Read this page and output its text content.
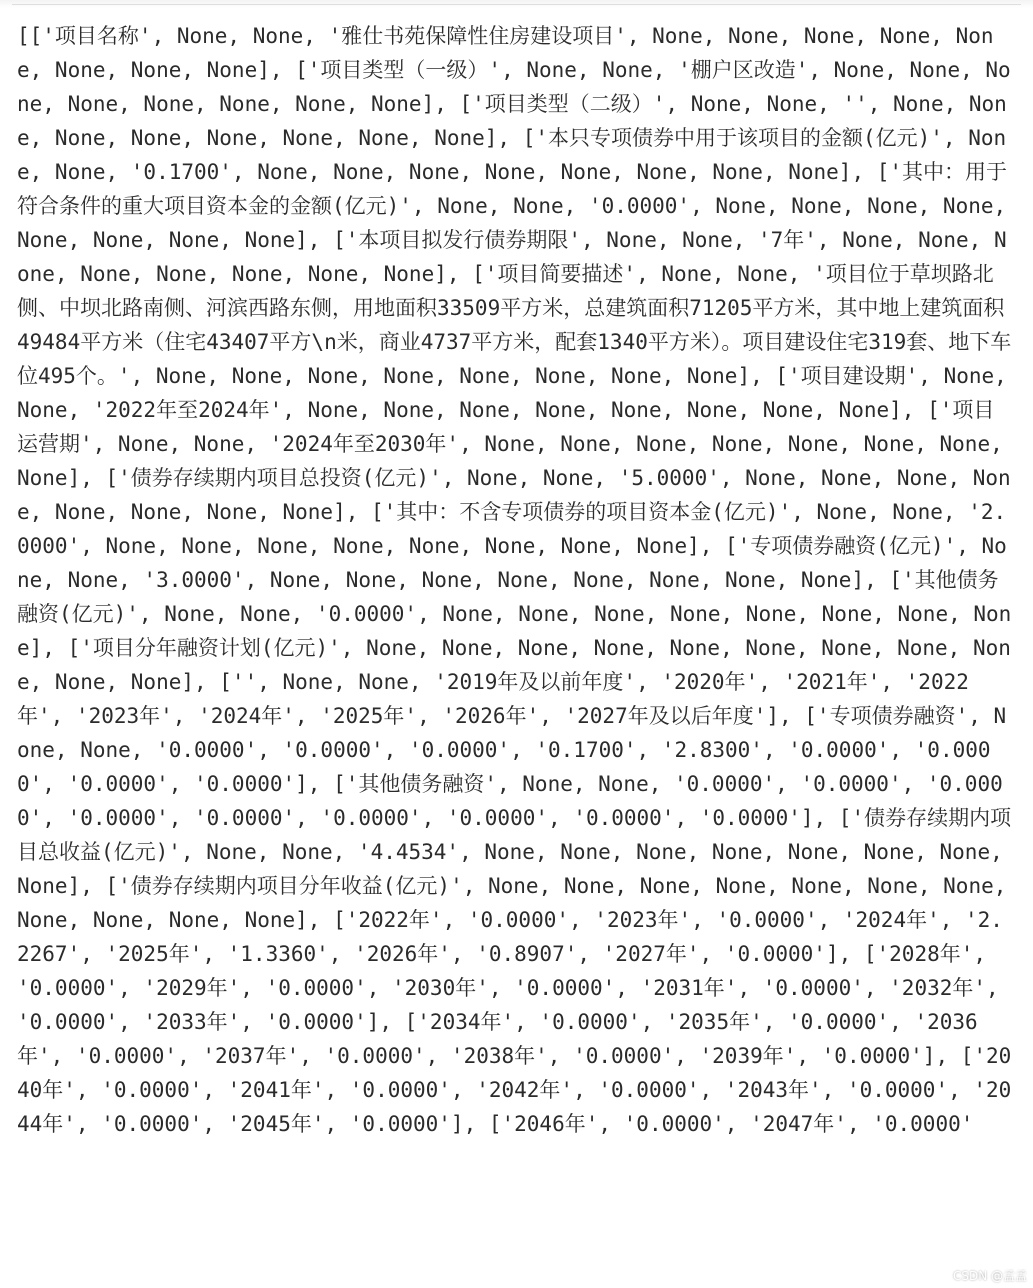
[['项目名称', None, None, '雅仕书苑保障性住房建设项目', None, None, None, None, None, None, None, None], ['项目类型（一级）', None, None, '棚户区改造', None, None, None, None, None, None, None, None], ['项目类型（二级）', None, None, '', None, None, None, None, None, None, None, None], ['本只专项债券中用于该项目的金额(亿元)', None, None, '0.1700', None, None, None, None, None, None, None, None], ['其中：用于符合条件的重大项目资本金的金额(亿元)', None, None, '0.0000', None, None, None, None, None, None, None, None], ['本项目拟发行债券期限', None, None, '7年', None, None, None, None, None, None, None, None], ['项目简要描述', None, None, '项目位于草坝路北侧、中坝北路南侧、河滨西路东侧，用地面积33509平方米，总建筑面积71205平方米，其中地上建筑面积49484平方米（住宅43407平方\n米，商业4737平方米，配套1340平方米）。项目建设住宅319套、地下车位495个。', None, None, None, None, None, None, None, None], ['项目建设期', None, None, '2022年至2024年', None, None, None, None, None, None, None, None], ['项目运营期', None, None, '2024年至2030年', None, None, None, None, None, None, None, None], ['债券存续期内项目总投资(亿元)', None, None, '5.0000', None, None, None, None, None, None, None, None], ['其中：不含专项债券的项目资本金(亿元)', None, None, '2.0000', None, None, None, None, None, None, None, None], ['专项债券融资(亿元)', None, None, '3.0000', None, None, None, None, None, None, None, None], ['其他债务融资(亿元)', None, None, '0.0000', None, None, None, None, None, None, None, None], ['项目分年融资计划(亿元)', None, None, None, None, None, None, None, None, None, None, None], ['', None, None, '2019年及以前年度', '2020年', '2021年', '2022年', '2023年', '2024年', '2025年', '2026年', '2027年及以后年度'], ['专项债券融资', None, None, '0.0000', '0.0000', '0.0000', '0.1700', '2.8300', '0.0000', '0.0000', '0.0000', '0.0000'], ['其他债务融资', None, None, '0.0000', '0.0000', '0.0000', '0.0000', '0.0000', '0.0000', '0.0000', '0.0000', '0.0000'], ['债券存续期内项目总收益(亿元)', None, None, '4.4534', None, None, None, None, None, None, None, None], ['债券存续期内项目分年收益(亿元)', None, None, None, None, None, None, None, None, None, None, None], ['2022年', '0.0000', '2023年', '0.0000', '2024年', '2.2267', '2025年', '1.3360', '2026年', '0.8907', '2027年', '0.0000'], ['2028年', '0.0000', '2029年', '0.0000', '2030年', '0.0000', '2031年', '0.0000', '2032年', '0.0000', '2033年', '0.0000'], ['2034年', '0.0000', '2035年', '0.0000', '2036年', '0.0000', '2037年', '0.0000', '2038年', '0.0000', '2039年', '0.0000'], ['2040年', '0.0000', '2041年', '0.0000', '2042年', '0.0000', '2043年', '0.0000', '2044年', '0.0000', '2045年', '0.0000'], ['2046年', '0.0000', '2047年', '0.0000'
CSDN @孟孟
